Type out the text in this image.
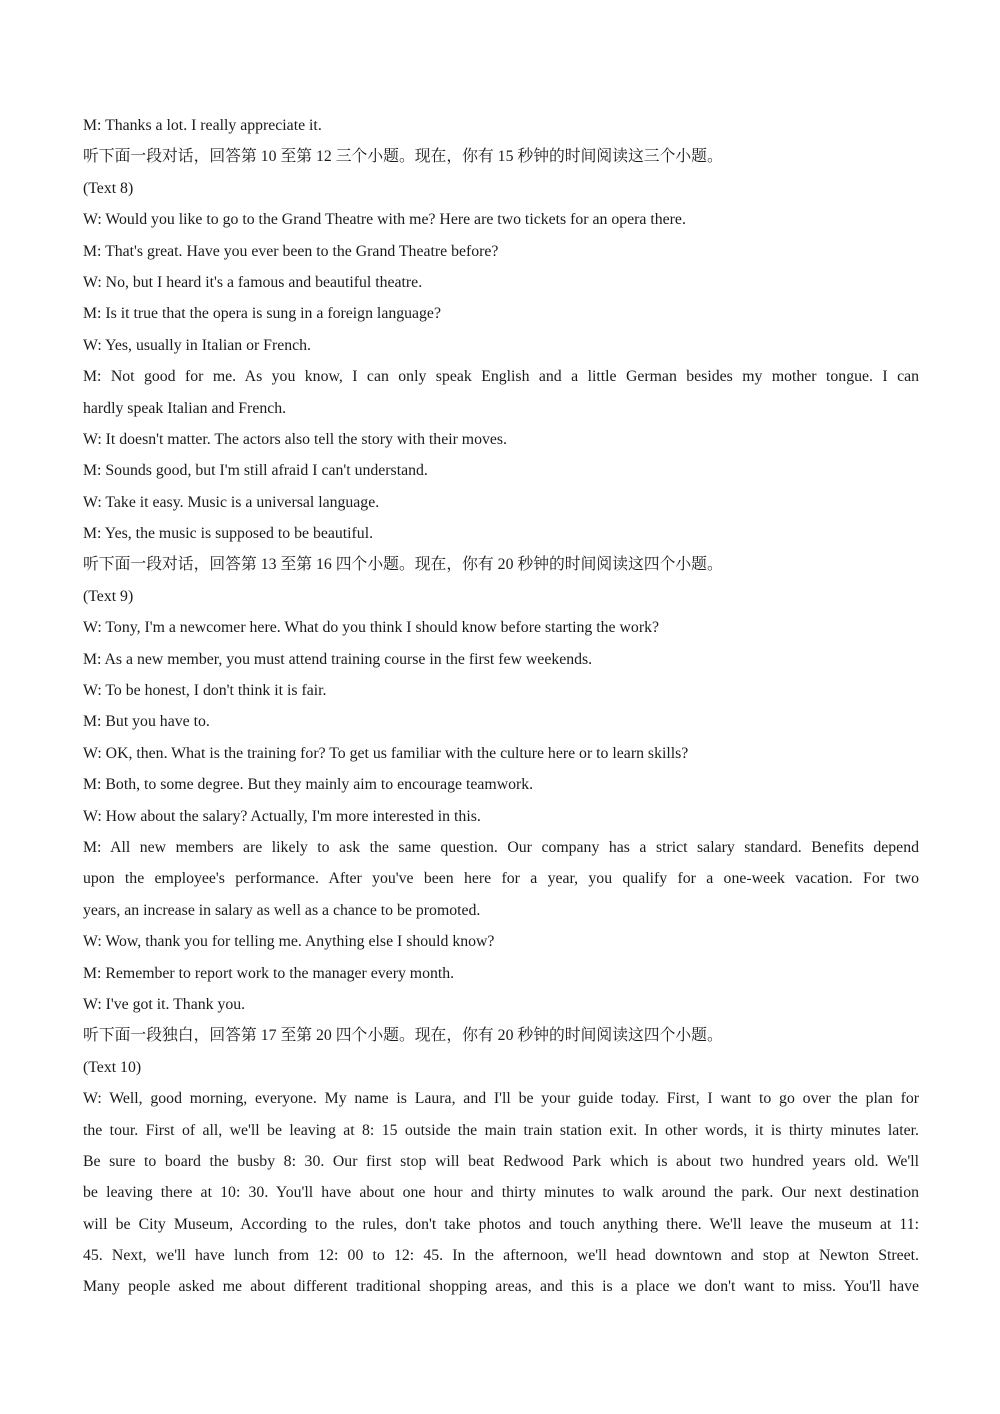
M: Thanks a lot. I really appreciate it.
听下面一段对话，回答第 10 至第 12 三个小题。现在，你有 15 秒钟的时间阅读这三个小题。
(Text 8)
W: Would you like to go to the Grand Theatre with me? Here are two tickets for an opera there.
M: That's great. Have you ever been to the Grand Theatre before?
W: No, but I heard it's a famous and beautiful theatre.
M: Is it true that the opera is sung in a foreign language?
W: Yes, usually in Italian or French.
M: Not good for me. As you know, I can only speak English and a little German besides my mother tongue. I can
hardly speak Italian and French.
W: It doesn't matter. The actors also tell the story with their moves.
M: Sounds good, but I'm still afraid I can't understand.
W: Take it easy. Music is a universal language.
M: Yes, the music is supposed to be beautiful.
听下面一段对话，回答第 13 至第 16 四个小题。现在，你有 20 秒钟的时间阅读这四个小题。
(Text 9)
W: Tony, I'm a newcomer here. What do you think I should know before starting the work?
M: As a new member, you must attend training course in the first few weekends.
W: To be honest, I don't think it is fair.
M: But you have to.
W: OK, then. What is the training for? To get us familiar with the culture here or to learn skills?
M: Both, to some degree. But they mainly aim to encourage teamwork.
W: How about the salary? Actually, I'm more interested in this.
M: All new members are likely to ask the same question. Our company has a strict salary standard. Benefits depend
upon the employee's performance. After you've been here for a year, you qualify for a one-week vacation. For two
years, an increase in salary as well as a chance to be promoted.
W: Wow, thank you for telling me. Anything else I should know?
M: Remember to report work to the manager every month.
W: I've got it. Thank you.
听下面一段独白，回答第 17 至第 20 四个小题。现在，你有 20 秒钟的时间阅读这四个小题。
(Text 10)
W: Well, good morning, everyone. My name is Laura, and I'll be your guide today. First, I want to go over the plan for
the tour. First of all, we'll be leaving at 8: 15 outside the main train station exit. In other words, it is thirty minutes later.
Be sure to board the busby 8: 30. Our first stop will beat Redwood Park which is about two hundred years old. We'll
be leaving there at 10: 30. You'll have about one hour and thirty minutes to walk around the park. Our next destination
will be City Museum, According to the rules, don't take photos and touch anything there. We'll leave the museum at 11:
45. Next, we'll have lunch from 12: 00 to 12: 45. In the afternoon, we'll head downtown and stop at Newton Street.
Many people asked me about different traditional shopping areas, and this is a place we don't want to miss. You'll have
